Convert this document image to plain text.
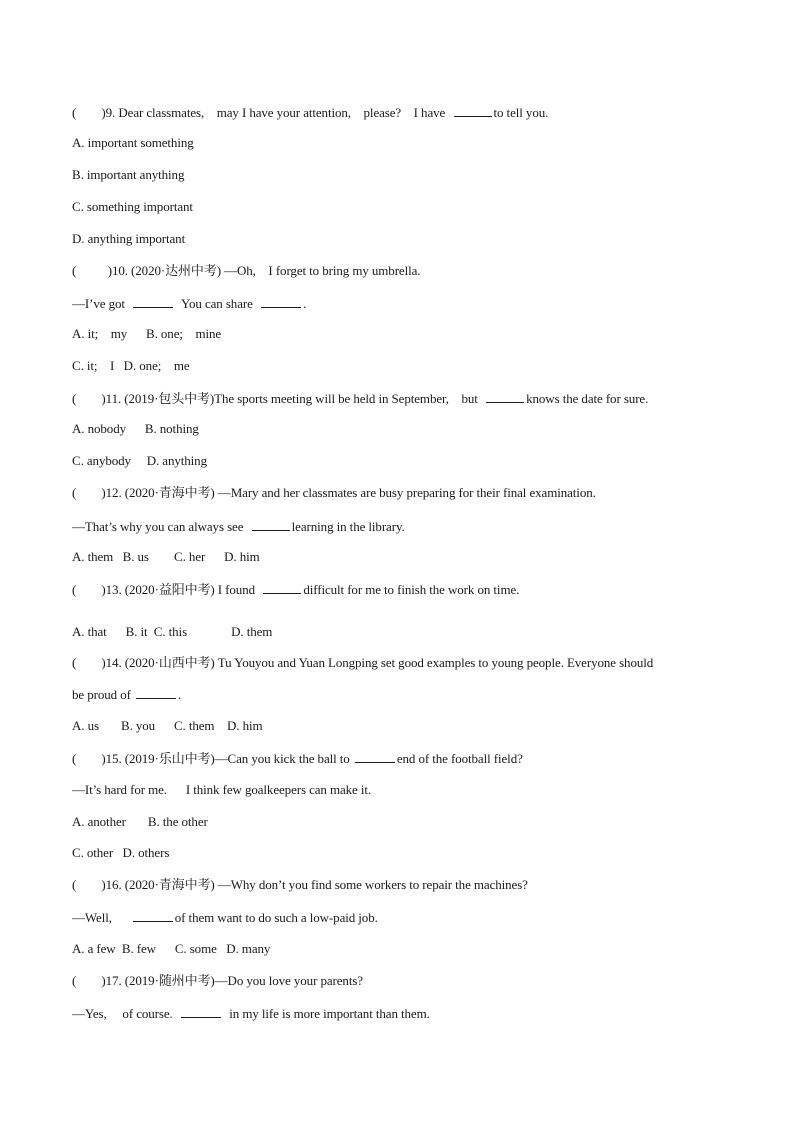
(        )9. Dear classmates,    may I have your attention,    please?    I have	to tell you.
A. important something
B. important anything
C. something important
D. anything important
(          )10. (2020·达州中考) —Oh,    I forget to bring my umbrella.
—I’ve got	You can share	.
A. it;    my      B. one;    mine
C. it;    I   D. one;    me
(        )11. (2019·包头中考)The sports meeting will be held in September,    but	knows the date for sure.
A. nobody      B. nothing
C. anybody     D. anything
(        )12. (2020·青海中考) —Mary and her classmates are busy preparing for their final examination.
—That’s why you can always see	learning in the library.
A. them   B. us        C. her      D. him
(        )13. (2020·益阳中考) I found	difficult for me to finish the work on time.
A. that      B. it  C. this              D. them
(        )14. (2020·山西中考) Tu Youyou and Yuan Longping set good examples to young people. Everyone should
be proud of	.
A. us       B. you      C. them    D. him
(        )15. (2019·乐山中考)—Can you kick the ball to	end of the football field?
—It’s hard for me.      I think few goalkeepers can make it.
A. another       B. the other
C. other   D. others
(        )16. (2020·青海中考) —Why don’t you find some workers to repair the machines?
—Well,	of them want to do such a low-paid job.
A. a few  B. few      C. some   D. many
(        )17. (2019·随州中考)—Do you love your parents?
—Yes,     of course.	in my life is more important than them.
